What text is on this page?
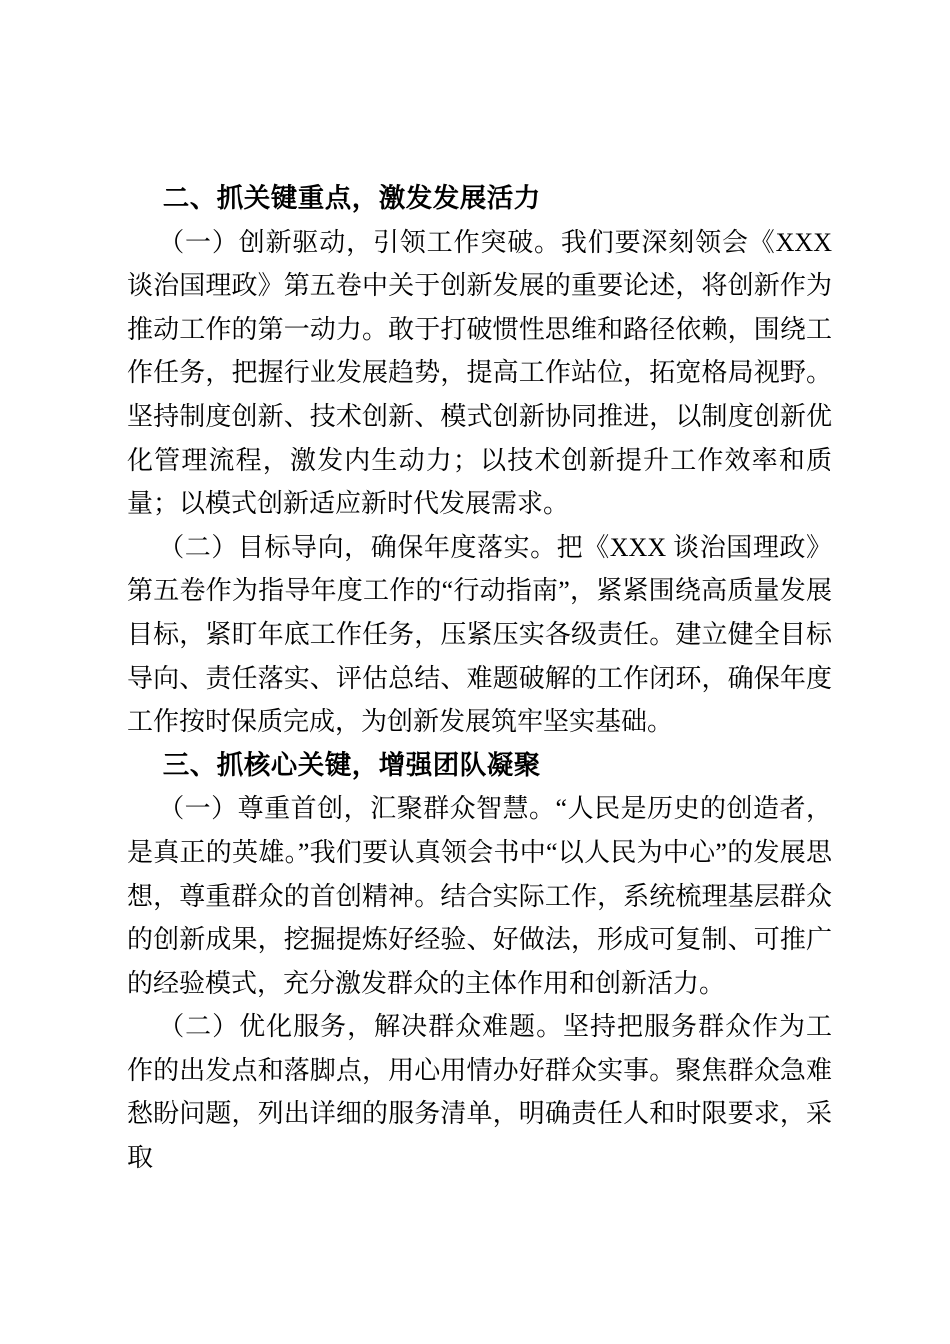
二、抓关键重点，激发发展活力

（一）创新驱动，引领工作突破。我们要深刻领会《XXX 谈治国理政》第五卷中关于创新发展的重要论述，将创新作为推动工作的第一动力。敢于打破惯性思维和路径依赖，围绕工作任务，把握行业发展趋势，提高工作站位，拓宽格局视野。坚持制度创新、技术创新、模式创新协同推进，以制度创新优化管理流程，激发内生动力；以技术创新提升工作效率和质量；以模式创新适应新时代发展需求。

（二）目标导向，确保年度落实。把《XXX 谈治国理政》第五卷作为指导年度工作的“行动指南”，紧紧围绕高质量发展目标，紧盯年底工作任务，压紧压实各级责任。建立健全目标导向、责任落实、评估总结、难题破解的工作闭环，确保年度工作按时保质完成，为创新发展筑牢坚实基础。

三、抓核心关键，增强团队凝聚

（一）尊重首创，汇聚群众智慧。“人民是历史的创造者，是真正的英雄。”我们要认真领会书中“以人民为中心”的发展思想，尊重群众的首创精神。结合实际工作，系统梳理基层群众的创新成果，挖掘提炼好经验、好做法，形成可复制、可推广的经验模式，充分激发群众的主体作用和创新活力。

（二）优化服务，解决群众难题。坚持把服务群众作为工作的出发点和落脚点，用心用情办好群众实事。聚焦群众急难愁盼问题，列出详细的服务清单，明确责任人和时限要求，采取
